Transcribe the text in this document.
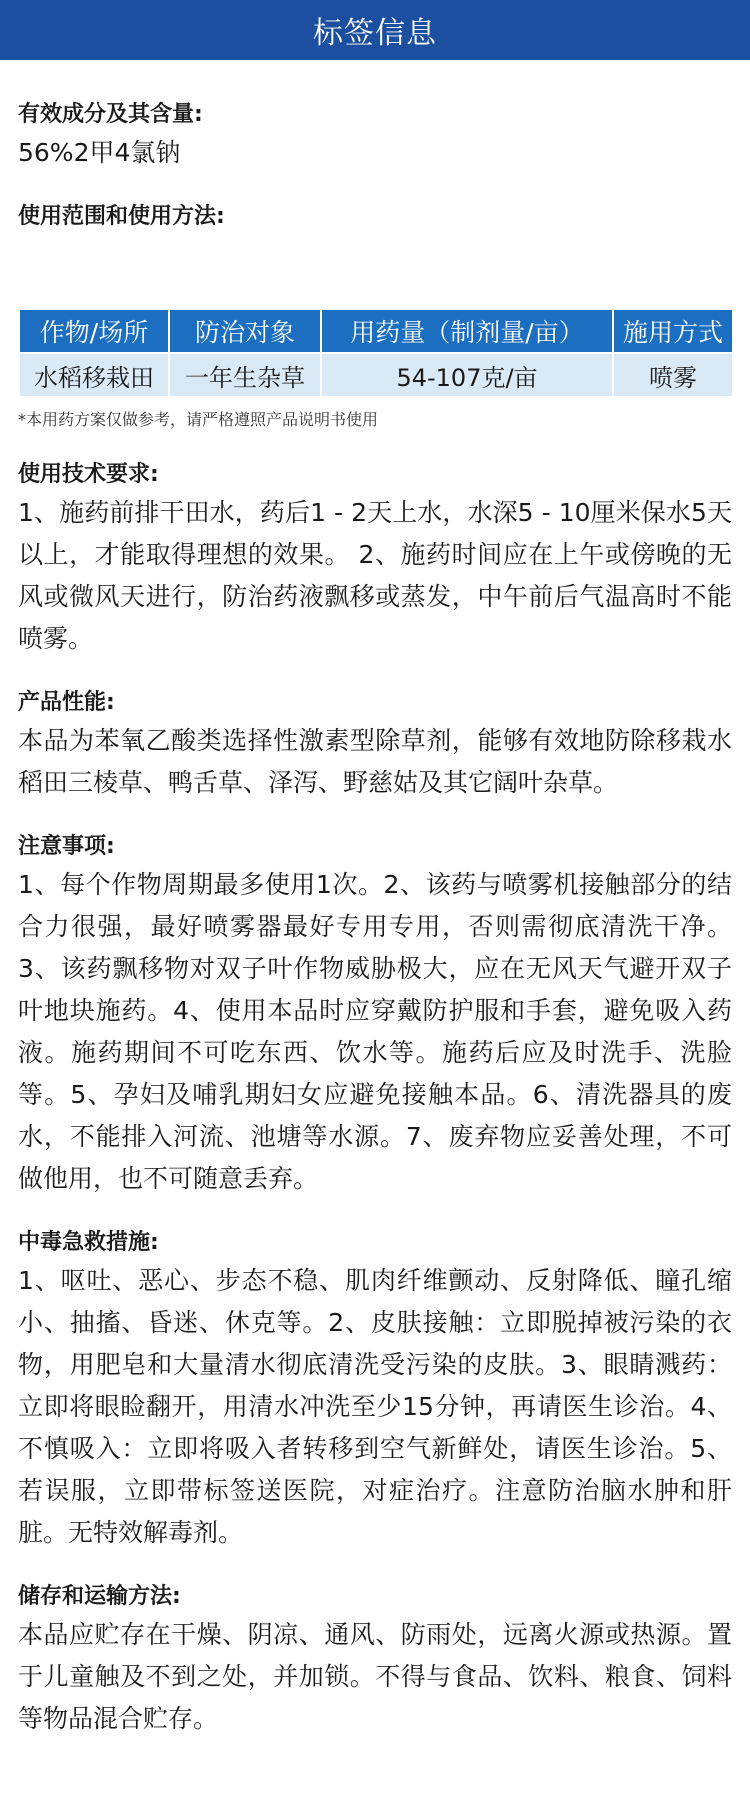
标签信息

有效成分及其含量:

56%2甲4氯钠

使用范围和使用方法:

作物/场所	防治对象	用药量（制剂量/亩）	施用方式
水稻移栽田	一年生杂草	54-107克/亩	喷雾

*本用药方案仅做参考，请严格遵照产品说明书使用

使用技术要求:

1、施药前排干田水，药后1 - 2天上水，水深5 - 10厘米保水5天以上，才能取得理想的效果。 2、施药时间应在上午或傍晚的无风或微风天进行，防治药液飘移或蒸发，中午前后气温高时不能喷雾。

产品性能:

本品为苯氧乙酸类选择性激素型除草剂，能够有效地防除移栽水稻田三棱草、鸭舌草、泽泻、野慈姑及其它阔叶杂草。

注意事项:

1、每个作物周期最多使用1次。2、该药与喷雾机接触部分的结合力很强，最好喷雾器最好专用专用，否则需彻底清洗干净。3、该药飘移物对双子叶作物威胁极大，应在无风天气避开双子叶地块施药。4、使用本品时应穿戴防护服和手套，避免吸入药液。施药期间不可吃东西、饮水等。施药后应及时洗手、洗脸等。5、孕妇及哺乳期妇女应避免接触本品。6、清洗器具的废水，不能排入河流、池塘等水源。7、废弃物应妥善处理，不可做他用，也不可随意丢弃。

中毒急救措施:

1、呕吐、恶心、步态不稳、肌肉纤维颤动、反射降低、瞳孔缩小、抽搐、昏迷、休克等。2、皮肤接触：立即脱掉被污染的衣物，用肥皂和大量清水彻底清洗受污染的皮肤。3、眼睛溅药：立即将眼睑翻开，用清水冲洗至少15分钟，再请医生诊治。4、不慎吸入：立即将吸入者转移到空气新鲜处，请医生诊治。5、若误服，立即带标签送医院，对症治疗。注意防治脑水肿和肝脏。无特效解毒剂。

储存和运输方法:

本品应贮存在干燥、阴凉、通风、防雨处，远离火源或热源。置于儿童触及不到之处，并加锁。不得与食品、饮料、粮食、饲料等物品混合贮存。
